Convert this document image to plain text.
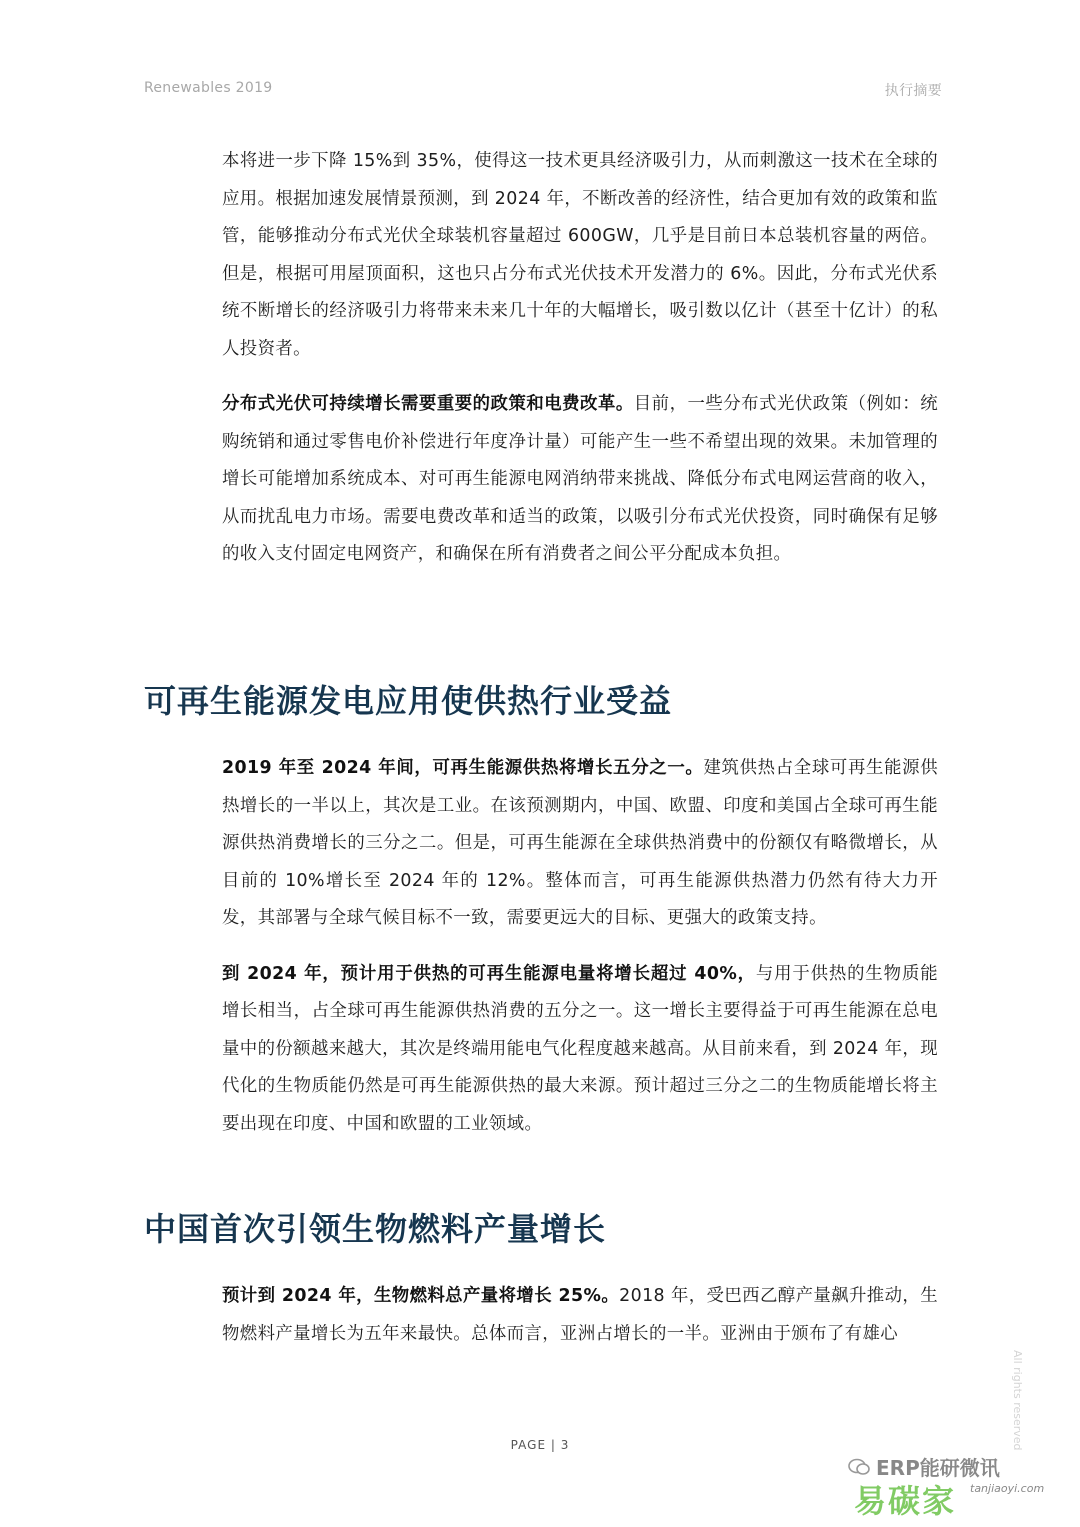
Renewables 2019	执行摘要

本将进一步下降 15%到 35%，使得这一技术更具经济吸引力，从而刺激这一技术在全球的应用。根据加速发展情景预测，到 2024 年，不断改善的经济性，结合更加有效的政策和监管，能够推动分布式光伏全球装机容量超过 600GW，几乎是目前日本总装机容量的两倍。但是，根据可用屋顶面积，这也只占分布式光伏技术开发潜力的 6%。因此，分布式光伏系统不断增长的经济吸引力将带来未来几十年的大幅增长，吸引数以亿计（甚至十亿计）的私人投资者。

分布式光伏可持续增长需要重要的政策和电费改革。目前，一些分布式光伏政策（例如：统购统销和通过零售电价补偿进行年度净计量）可能产生一些不希望出现的效果。未加管理的增长可能增加系统成本、对可再生能源电网消纳带来挑战、降低分布式电网运营商的收入，从而扰乱电力市场。需要电费改革和适当的政策，以吸引分布式光伏投资，同时确保有足够的收入支付固定电网资产，和确保在所有消费者之间公平分配成本负担。

可再生能源发电应用使供热行业受益

2019 年至 2024 年间，可再生能源供热将增长五分之一。建筑供热占全球可再生能源供热增长的一半以上，其次是工业。在该预测期内，中国、欧盟、印度和美国占全球可再生能源供热消费增长的三分之二。但是，可再生能源在全球供热消费中的份额仅有略微增长，从目前的 10%增长至 2024 年的 12%。整体而言，可再生能源供热潜力仍然有待大力开发，其部署与全球气候目标不一致，需要更远大的目标、更强大的政策支持。

到 2024 年，预计用于供热的可再生能源电量将增长超过 40%，与用于供热的生物质能增长相当，占全球可再生能源供热消费的五分之一。这一增长主要得益于可再生能源在总电量中的份额越来越大，其次是终端用能电气化程度越来越高。从目前来看，到 2024 年，现代化的生物质能仍然是可再生能源供热的最大来源。预计超过三分之二的生物质能增长将主要出现在印度、中国和欧盟的工业领域。

中国首次引领生物燃料产量增长

预计到 2024 年，生物燃料总产量将增长 25%。2018 年，受巴西乙醇产量飙升推动，生物燃料产量增长为五年来最快。总体而言，亚洲占增长的一半。亚洲由于颁布了有雄心

PAGE | 3	All rights reserved
ERP能研微讯
易碳家 tanjiaoyi.com
